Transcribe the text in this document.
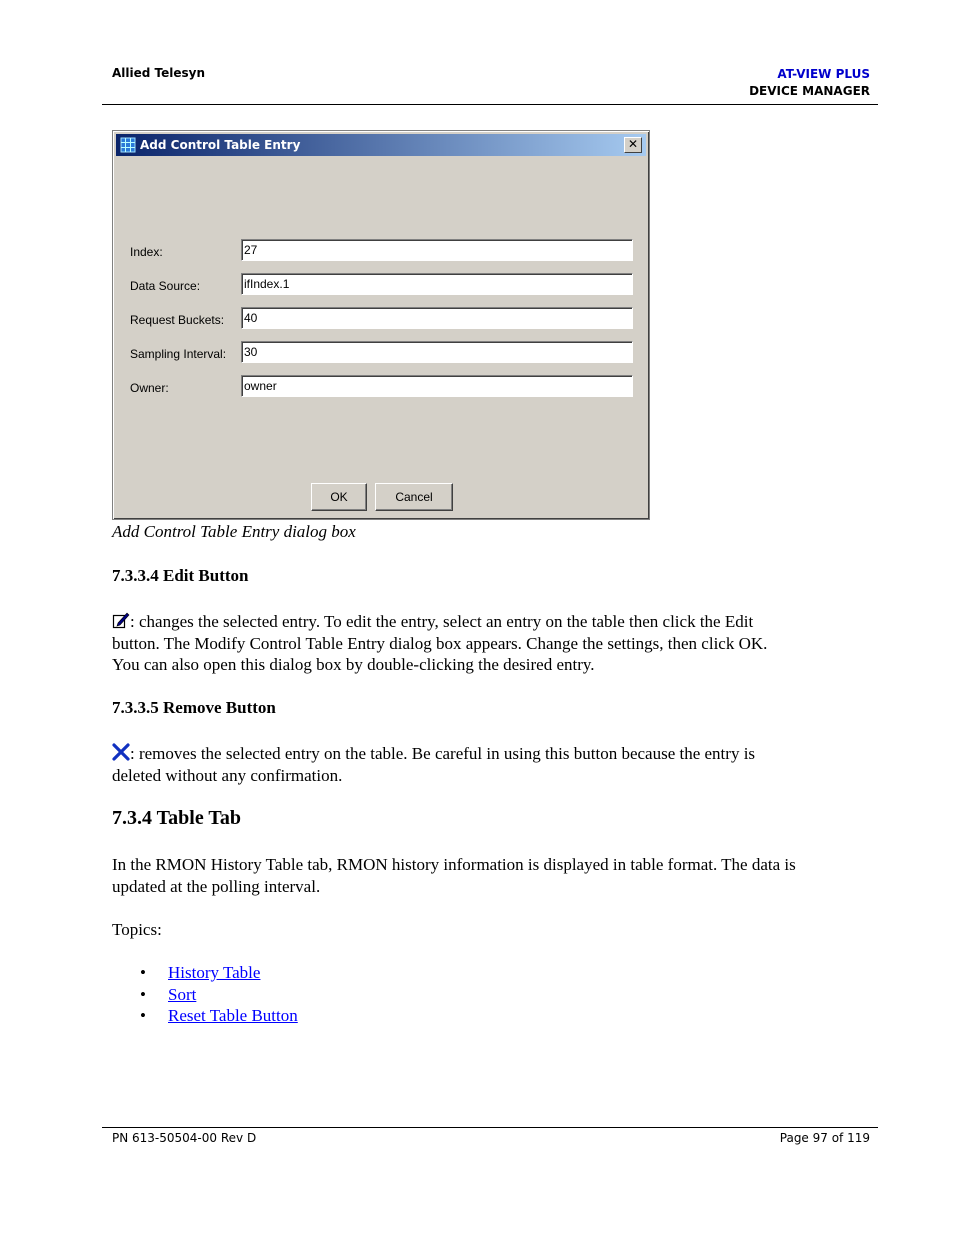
Allied Telesyn	AT-VIEW PLUS
DEVICE MANAGER
Add Control Table Entry	✕
Index:	27
Data Source:	ifIndex.1
Request Buckets: 40
Sampling Interval: 30
Owner:	owner
OK	Cancel
Add Control Table Entry dialog box
7.3.3.4 Edit Button
: changes the selected entry. To edit the entry, select an entry on the table then click the Edit
button. The Modify Control Table Entry dialog box appears. Change the settings, then click OK.
You can also open this dialog box by double-clicking the desired entry.
7.3.3.5 Remove Button
: removes the selected entry on the table. Be careful in using this button because the entry is
deleted without any confirmation.
7.3.4 Table Tab
In the RMON History Table tab, RMON history information is displayed in table format. The data is
updated at the polling interval.
Topics:
• History Table
• Sort
• Reset Table Button
PN 613-50504-00 Rev D	Page 97 of 119
